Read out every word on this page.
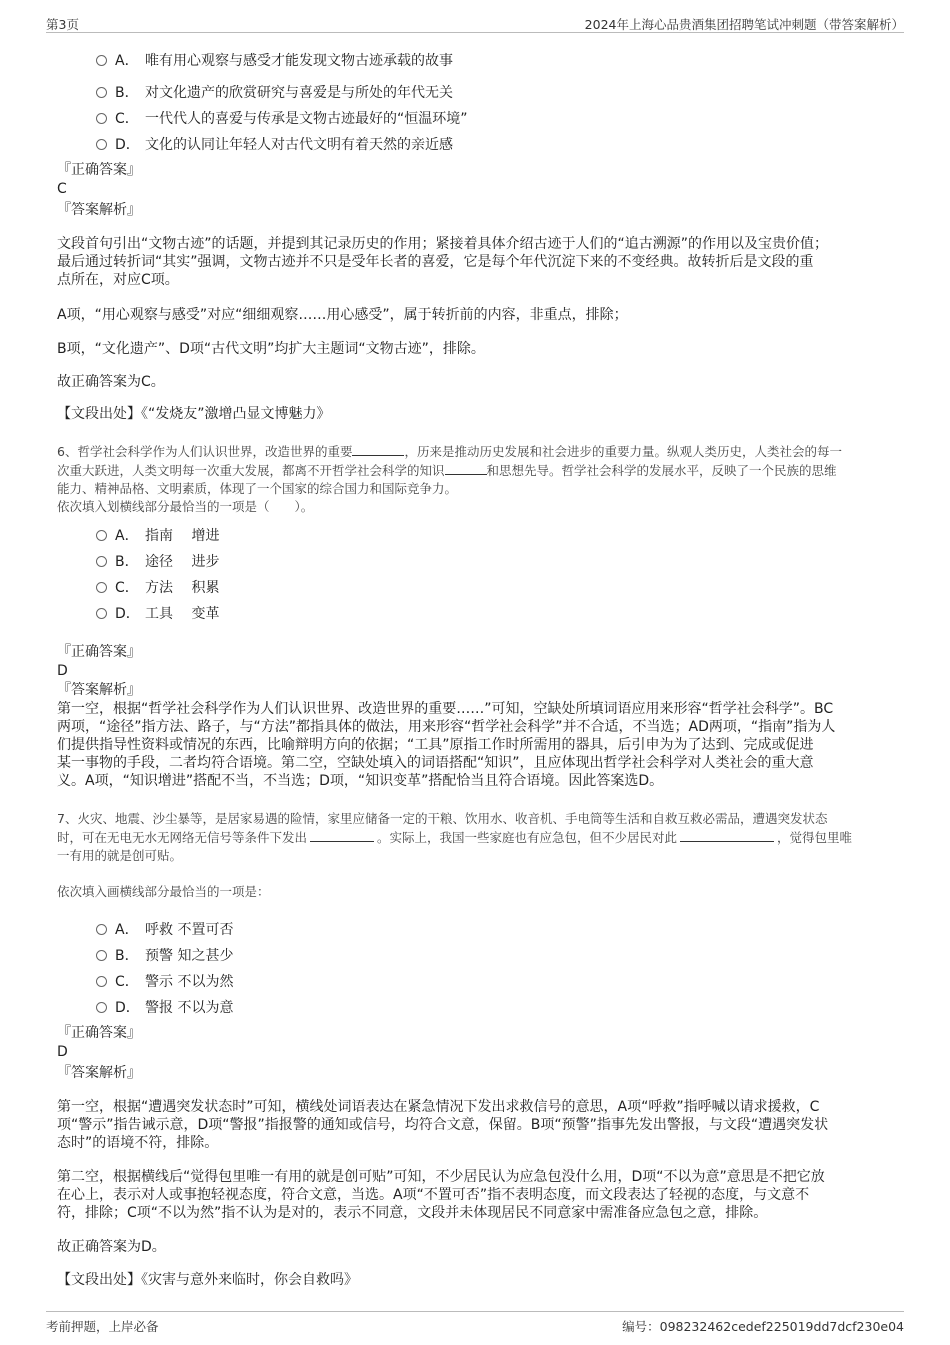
第3页	2024年上海心品贵酒集团招聘笔试冲刺题（带答案解析）
A． 唯有用心观察与感受才能发现文物古迹承载的故事
B． 对文化遗产的欣赏研究与喜爱是与所处的年代无关
C． 一代代人的喜爱与传承是文物古迹最好的“恒温环境”
D． 文化的认同让年轻人对古代文明有着天然的亲近感
『正确答案』
C
『答案解析』
文段首句引出“文物古迹”的话题，并提到其记录历史的作用；紧接着具体介绍古迹于人们的“追古溯源”的作用以及宝贵价值；
最后通过转折词“其实”强调，文物古迹并不只是受年长者的喜爱，它是每个年代沉淀下来的不变经典。故转折后是文段的重
点所在，对应C项。
A项，“用心观察与感受”对应“细细观察……用心感受”，属于转折前的内容，非重点，排除；
B项，“文化遗产”、D项“古代文明”均扩大主题词“文物古迹”，排除。
故正确答案为C。
【文段出处】《“发烧友”激增凸显文博魅力》
6、哲学社会科学作为人们认识世界，改造世界的重要	，历来是推动历史发展和社会进步的重要力量。纵观人类历史，人类社会的每一
次重大跃进，人类文明每一次重大发展，都离不开哲学社会科学的知识	和思想先导。哲学社会科学的发展水平，反映了一个民族的思维
能力、精神品格、文明素质，体现了一个国家的综合国力和国际竞争力。
依次填入划横线部分最恰当的一项是（　　）。
A． 指南　 增进
B． 途径　 进步
C． 方法　 积累
D． 工具　 变革
『正确答案』
D
『答案解析』
第一空，根据“哲学社会科学作为人们认识世界、改造世界的重要……”可知，空缺处所填词语应用来形容“哲学社会科学”。BC
两项，“途径”指方法、路子，与“方法”都指具体的做法，用来形容“哲学社会科学”并不合适，不当选；AD两项，“指南”指为人
们提供指导性资料或情况的东西，比喻辩明方向的依据；“工具”原指工作时所需用的器具，后引申为为了达到、完成或促进
某一事物的手段，二者均符合语境。第二空，空缺处填入的词语搭配“知识”，且应体现出哲学社会科学对人类社会的重大意
义。A项，“知识增进”搭配不当，不当选；D项，“知识变革”搭配恰当且符合语境。因此答案选D。
7、火灾、地震、沙尘暴等，是居家易遇的险情，家里应储备一定的干粮、饮用水、收音机、手电筒等生活和自救互救必需品，遭遇突发状态
时，可在无电无水无网络无信号等条件下发出	。实际上，我国一些家庭也有应急包，但不少居民对此	，觉得包里唯
一有用的就是创可贴。
依次填入画横线部分最恰当的一项是：
A． 呼救 不置可否
B． 预警 知之甚少
C． 警示 不以为然
D． 警报 不以为意
『正确答案』
D
『答案解析』
第一空，根据“遭遇突发状态时”可知，横线处词语表达在紧急情况下发出求救信号的意思，A项“呼救”指呼喊以请求援救，C
项“警示”指告诫示意，D项“警报”指报警的通知或信号，均符合文意，保留。B项“预警”指事先发出警报，与文段“遭遇突发状
态时”的语境不符，排除。
第二空，根据横线后“觉得包里唯一有用的就是创可贴”可知，不少居民认为应急包没什么用，D项“不以为意”意思是不把它放
在心上，表示对人或事抱轻视态度，符合文意，当选。A项“不置可否”指不表明态度，而文段表达了轻视的态度，与文意不
符，排除；C项“不以为然”指不认为是对的，表示不同意，文段并未体现居民不同意家中需准备应急包之意，排除。
故正确答案为D。
【文段出处】《灾害与意外来临时，你会自救吗》
考前押题，上岸必备	编号：098232462cedef225019dd7dcf230e04
